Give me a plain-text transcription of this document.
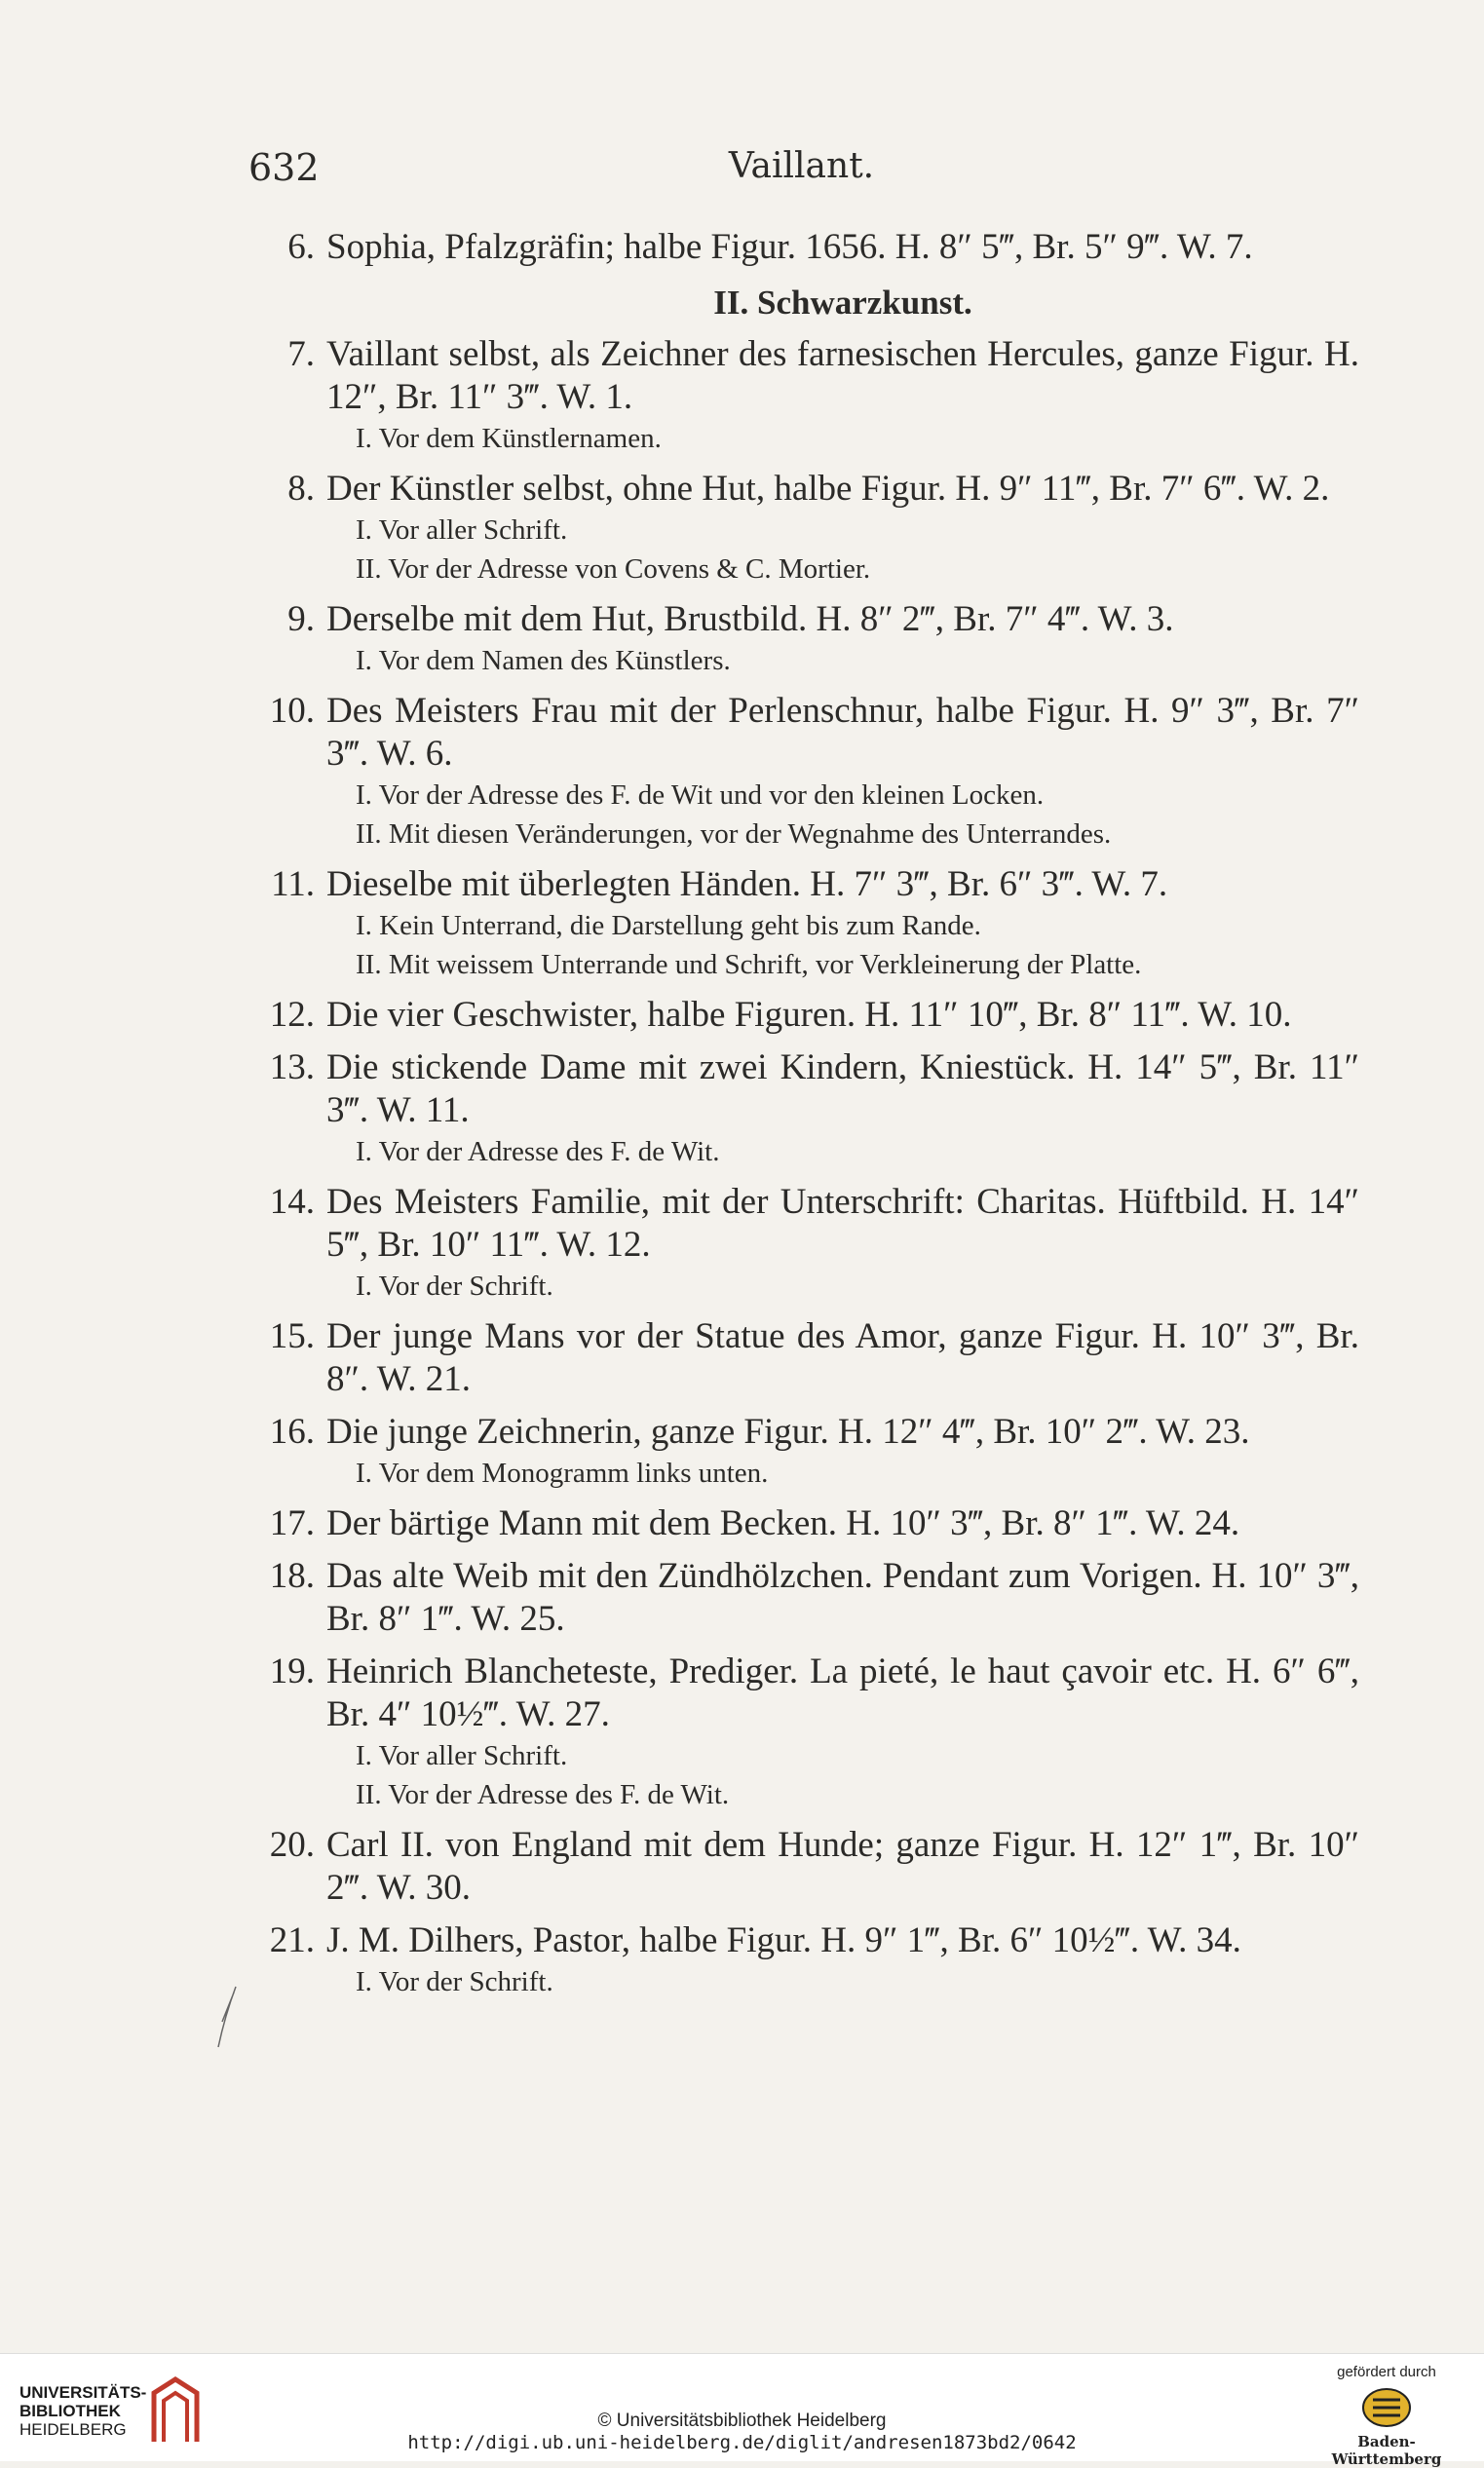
632	Vaillant.
6. Sophia, Pfalzgräfin; halbe Figur. 1656. H. 8″ 5‴, Br. 5″ 9‴. W. 7.
II. Schwarzkunst.
7. Vaillant selbst, als Zeichner des farnesischen Hercules, ganze Figur. H. 12″, Br. 11″ 3‴. W. 1.
I. Vor dem Künstlernamen.
8. Der Künstler selbst, ohne Hut, halbe Figur. H. 9″ 11‴, Br. 7″ 6‴. W. 2.
I. Vor aller Schrift.
II. Vor der Adresse von Covens & C. Mortier.
9. Derselbe mit dem Hut, Brustbild. H. 8″ 2‴, Br. 7″ 4‴. W. 3.
I. Vor dem Namen des Künstlers.
10. Des Meisters Frau mit der Perlenschnur, halbe Figur. H. 9″ 3‴, Br. 7″ 3‴. W. 6.
I. Vor der Adresse des F. de Wit und vor den kleinen Locken.
II. Mit diesen Veränderungen, vor der Wegnahme des Unterrandes.
11. Dieselbe mit überlegten Händen. H. 7″ 3‴, Br. 6″ 3‴. W. 7.
I. Kein Unterrand, die Darstellung geht bis zum Rande.
II. Mit weissem Unterrande und Schrift, vor Verkleinerung der Platte.
12. Die vier Geschwister, halbe Figuren. H. 11″ 10‴, Br. 8″ 11‴. W. 10.
13. Die stickende Dame mit zwei Kindern, Kniestück. H. 14″ 5‴, Br. 11″ 3‴. W. 11.
I. Vor der Adresse des F. de Wit.
14. Des Meisters Familie, mit der Unterschrift: Charitas. Hüftbild. H. 14″ 5‴, Br. 10″ 11‴. W. 12.
I. Vor der Schrift.
15. Der junge Mans vor der Statue des Amor, ganze Figur. H. 10″ 3‴, Br. 8″. W. 21.
16. Die junge Zeichnerin, ganze Figur. H. 12″ 4‴, Br. 10″ 2‴. W. 23.
I. Vor dem Monogramm links unten.
17. Der bärtige Mann mit dem Becken. H. 10″ 3‴, Br. 8″ 1‴. W. 24.
18. Das alte Weib mit den Zündhölzchen. Pendant zum Vorigen. H. 10″ 3‴, Br. 8″ 1‴. W. 25.
19. Heinrich Blancheteste, Prediger. La pieté, le haut çavoir etc. H. 6″ 6‴, Br. 4″ 10½‴. W. 27.
I. Vor aller Schrift.
II. Vor der Adresse des F. de Wit.
20. Carl II. von England mit dem Hunde; ganze Figur. H. 12″ 1‴, Br. 10″ 2‴. W. 30.
21. J. M. Dilhers, Pastor, halbe Figur. H. 9″ 1‴, Br. 6″ 10½‴. W. 34.
I. Vor der Schrift.
UNIVERSITÄTS-
BIBLIOTHEK
HEIDELBERG	© Universitätsbibliothek Heidelberg
http://digi.ub.uni-heidelberg.de/diglit/andresen1873bd2/0642
gefördert durch
Baden-Württemberg
